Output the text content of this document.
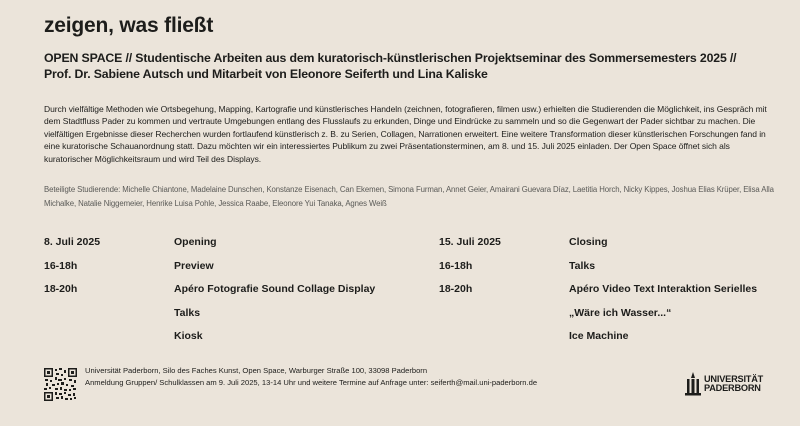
zeigen, was fließt
OPEN SPACE // Studentische Arbeiten aus dem kuratorisch-künstlerischen Projektseminar des Sommersemesters 2025 //
Prof. Dr. Sabiene Autsch und Mitarbeit von Eleonore Seiferth und Lina Kaliske

Durch vielfältige Methoden wie Ortsbegehung, Mapping, Kartografie und künstlerisches Handeln (zeichnen, fotografieren, filmen usw.) erhielten die Studierenden die Möglichkeit, ins Gespräch mit dem Stadtfluss Pader zu kommen und vertraute Umgebungen entlang des Flusslaufs zu erkunden, Dinge und Eindrücke zu sammeln und so die Gegenwart der Pader sichtbar zu machen. Die vielfältigen Ergebnisse dieser Recherchen wurden fortlaufend künstlerisch z. B. zu Serien, Collagen, Narrationen erweitert. Eine weitere Transformation dieser künstlerischen Forschungen fand in eine kuratorische Schauanordnung statt. Dazu möchten wir ein interessiertes Publikum zu zwei Präsentationsterminen, am 8. und 15. Juli 2025 einladen. Der Open Space öffnet sich als kuratorischer Möglichkeitsraum und wird Teil des Displays.

Beteiligte Studierende: Michelle Chiantone, Madelaine Dunschen, Konstanze Eisenach, Can Ekemen, Simona Furman, Annet Geier, Amairani Guevara Díaz, Laetitia Horch, Nicky Kippes, Joshua Elias Krüper, Elisa Alla Michalke, Natalie Niggemeier, Henrike Luisa Pohle, Jessica Raabe, Eleonore Yui Tanaka, Agnes Weiß

8. Juli 2025
16-18h
18-20h
Opening
Preview
Apéro Fotografie Sound Collage Display
Talks
Kiosk
15. Juli 2025
16-18h
18-20h
Closing
Talks
Apéro Video Text Interaktion Serielles
„Wäre ich Wasser...“
Ice Machine
Universität Paderborn, Silo des Faches Kunst, Open Space, Warburger Straße 100, 33098 Paderborn
Anmeldung Gruppen/ Schulklassen am 9. Juli 2025, 13-14 Uhr und weitere Termine auf Anfrage unter: seiferth@mail.uni-paderborn.de	UNIVERSITÄT
PADERBORN
